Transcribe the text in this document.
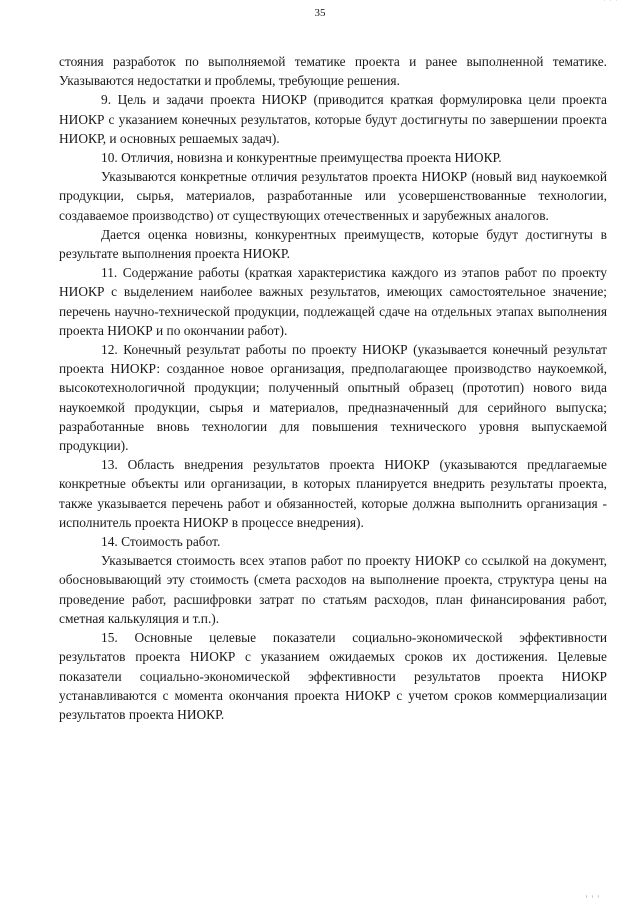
35
' ' '

стояния разработок по выполняемой тематике проекта и ранее выполненной тематике. Указываются недостатки и проблемы, требующие решения.

9. Цель и задачи проекта НИОКР (приводится краткая формулировка цели проекта НИОКР с указанием конечных результатов, которые будут достигнуты по завершении проекта НИОКР, и основных решаемых задач).

10. Отличия, новизна и конкурентные преимущества проекта НИОКР.

Указываются конкретные отличия результатов проекта НИОКР (новый вид наукоемкой продукции, сырья, материалов, разработанные или усовершенствованные технологии, создаваемое производство) от существующих отечественных и зарубежных аналогов.

Дается оценка новизны, конкурентных преимуществ, которые будут достигнуты в результате выполнения проекта НИОКР.

11. Содержание работы (краткая характеристика каждого из этапов работ по проекту НИОКР с выделением наиболее важных результатов, имеющих самостоятельное значение; перечень научно-технической продукции, подлежащей сдаче на отдельных этапах выполнения проекта НИОКР и по окончании работ).

12. Конечный результат работы по проекту НИОКР (указывается конечный результат проекта НИОКР: созданное новое организация, предполагающее производство наукоемкой, высокотехнологичной продукции; полученный опытный образец (прототип) нового вида наукоемкой продукции, сырья и материалов, предназначенный для серийного выпуска; разработанные вновь технологии для повышения технического уровня выпускаемой продукции).

13. Область внедрения результатов проекта НИОКР (указываются предлагаемые конкретные объекты или организации, в которых планируется внедрить результаты проекта, также указывается перечень работ и обязанностей, которые должна выполнить организация - исполнитель проекта НИОКР в процессе внедрения).

14. Стоимость работ.

Указывается стоимость всех этапов работ по проекту НИОКР со ссылкой на документ, обосновывающий эту стоимость (смета расходов на выполнение проекта, структура цены на проведение работ, расшифровки затрат по статьям расходов, план финансирования работ, сметная калькуляция и т.п.).

15. Основные целевые показатели социально-экономической эффективности результатов проекта НИОКР с указанием ожидаемых сроков их достижения. Целевые показатели социально-экономической эффективности результатов проекта НИОКР устанавливаются с момента окончания проекта НИОКР с учетом сроков коммерциализации результатов проекта НИОКР.

' ' '
